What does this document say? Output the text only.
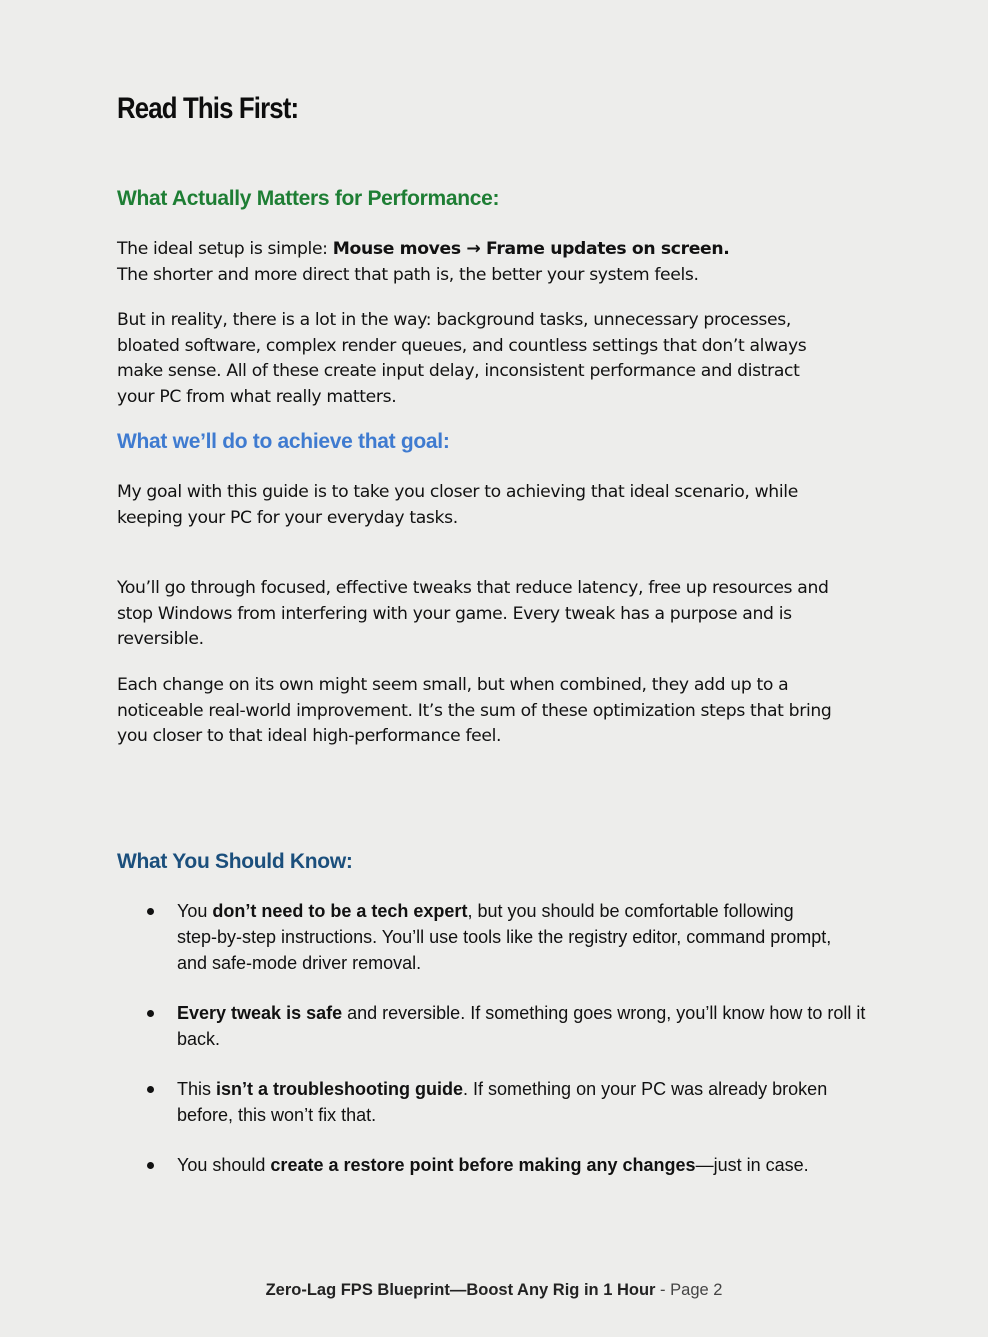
Read This First:
What Actually Matters for Performance:

The ideal setup is simple: Mouse moves → Frame updates on screen.
The shorter and more direct that path is, the better your system feels.

But in reality, there is a lot in the way: background tasks, unnecessary processes,
bloated software, complex render queues, and countless settings that don’t always
make sense. All of these create input delay, inconsistent performance and distract
your PC from what really matters.

What we’ll do to achieve that goal:

My goal with this guide is to take you closer to achieving that ideal scenario, while
keeping your PC for your everyday tasks.

You’ll go through focused, effective tweaks that reduce latency, free up resources and
stop Windows from interfering with your game. Every tweak has a purpose and is
reversible.

Each change on its own might seem small, but when combined, they add up to a
noticeable real-world improvement. It’s the sum of these optimization steps that bring
you closer to that ideal high-performance feel.

What You Should Know:
You don’t need to be a tech expert, but you should be comfortable following
step-by-step instructions. You’ll use tools like the registry editor, command prompt,
and safe-mode driver removal.
Every tweak is safe and reversible. If something goes wrong, you’ll know how to roll it
back.
This isn’t a troubleshooting guide. If something on your PC was already broken
before, this won’t fix that.
You should create a restore point before making any changes—just in case.
Zero-Lag FPS Blueprint—Boost Any Rig in 1 Hour - Page 2
